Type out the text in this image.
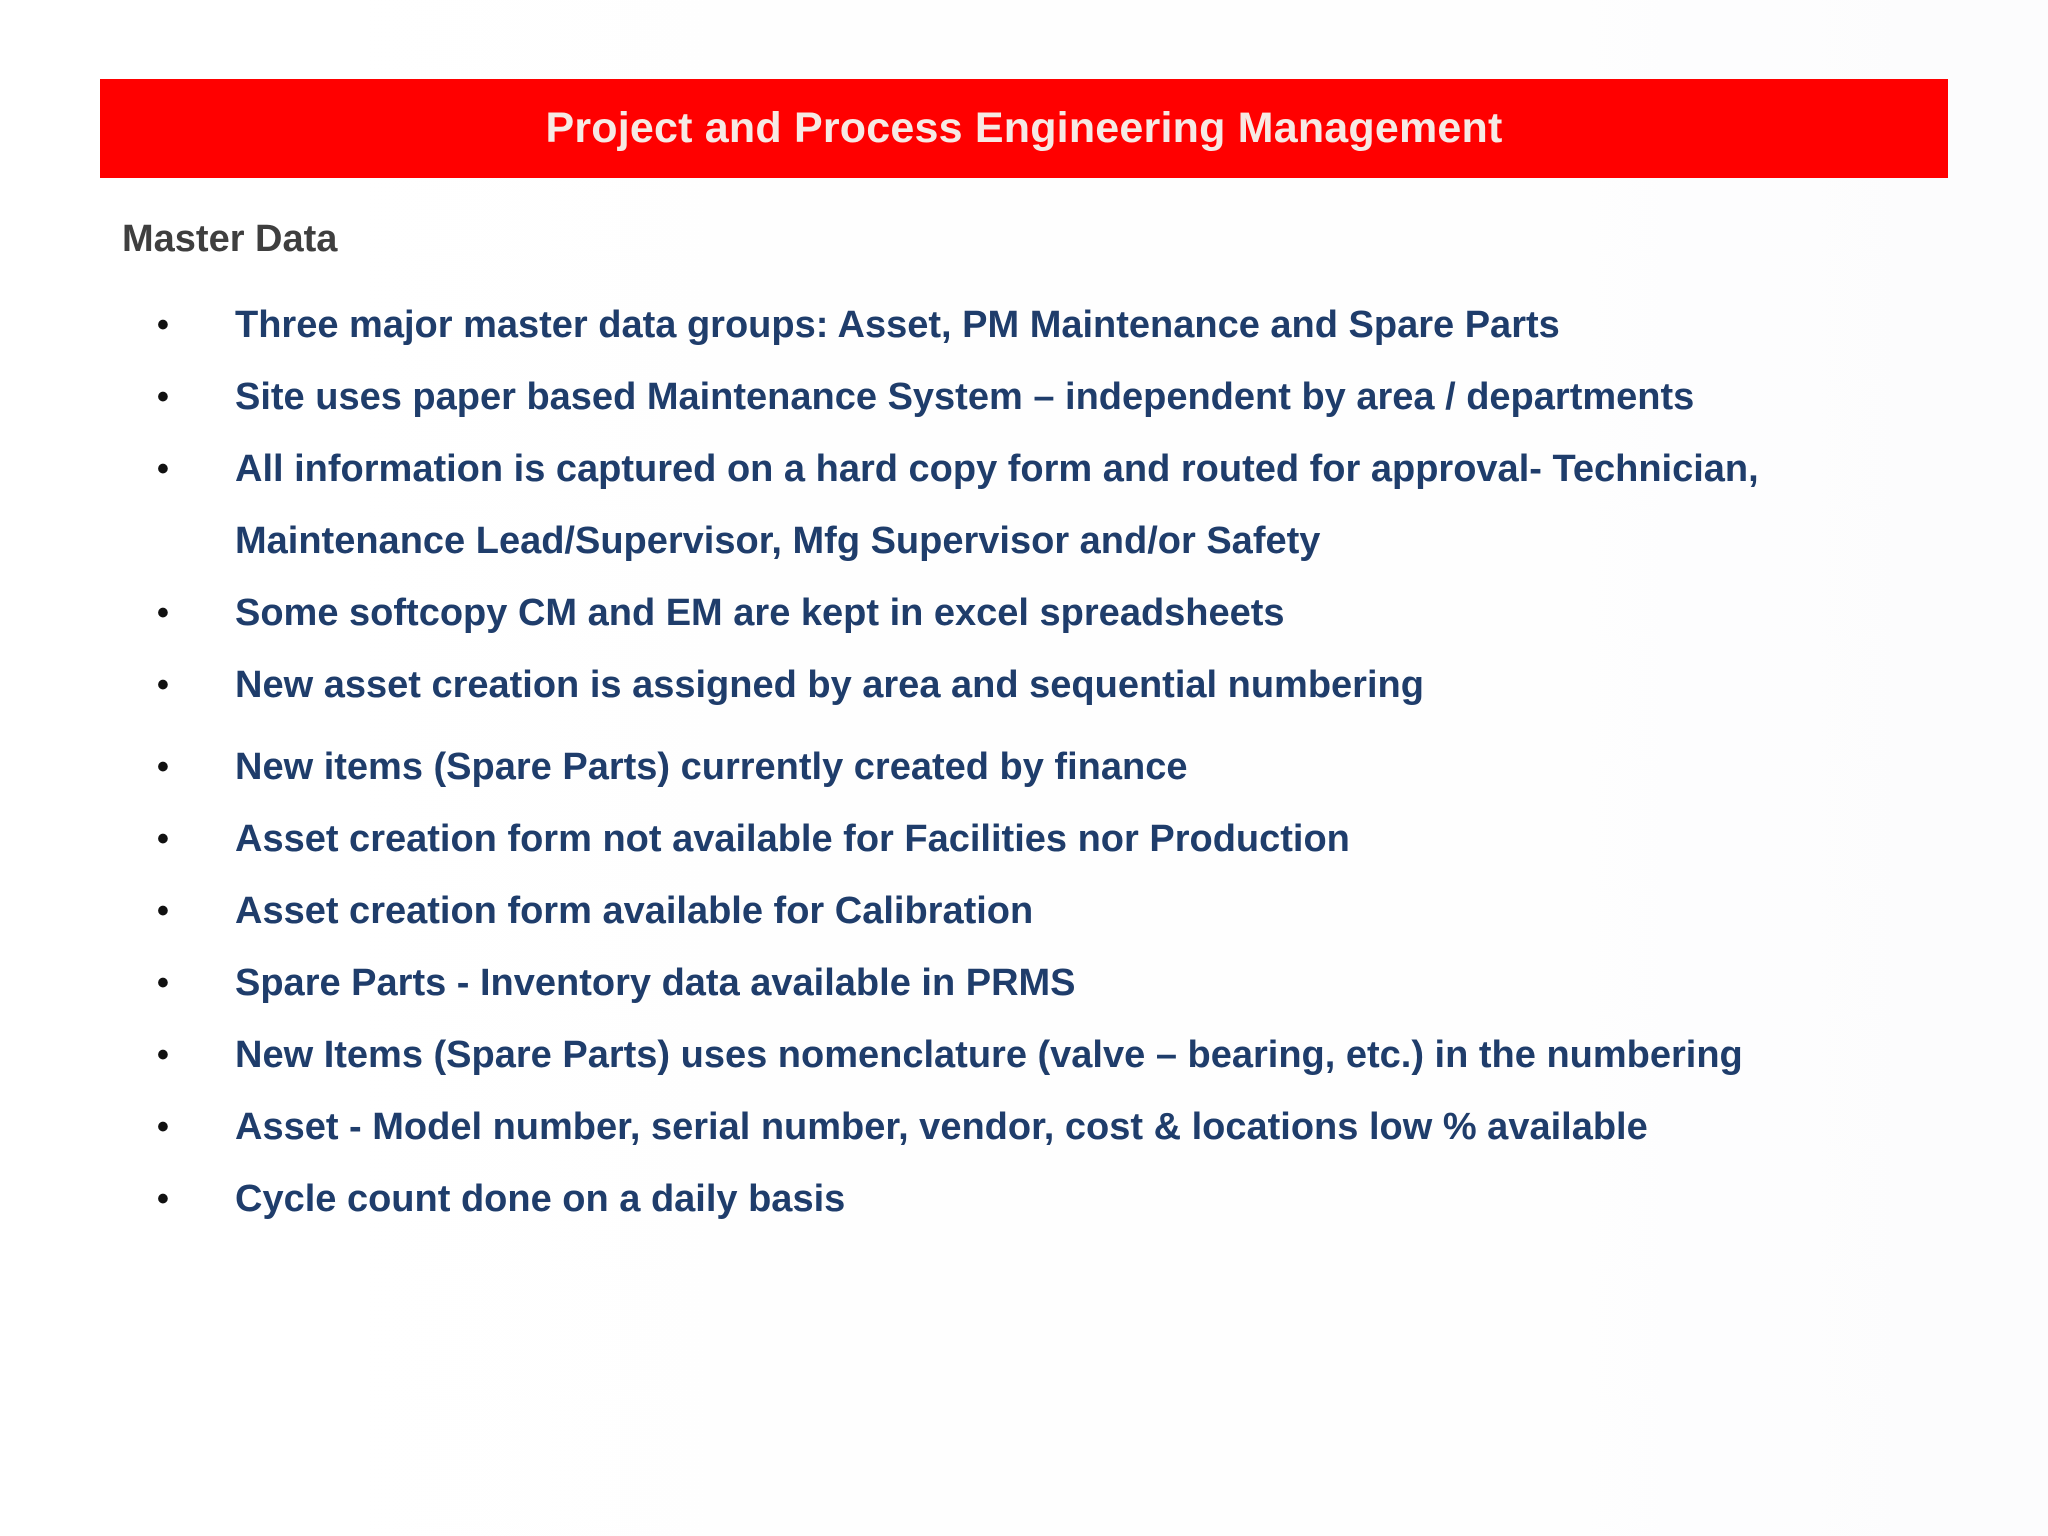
Project and Process Engineering Management
Master Data
• Three major master data groups: Asset, PM Maintenance and Spare Parts
• Site uses paper based Maintenance System – independent by area / departments
• All information is captured on a hard copy form and routed for approval- Technician, Maintenance Lead/Supervisor, Mfg Supervisor and/or Safety
• Some softcopy CM and EM are kept in excel spreadsheets
• New asset creation is assigned by area and sequential numbering
• New items (Spare Parts) currently created by finance
• Asset creation form not available for Facilities nor Production
• Asset creation form available for Calibration
• Spare Parts - Inventory data available in PRMS
• New Items (Spare Parts) uses nomenclature (valve – bearing, etc.) in the numbering
• Asset - Model number, serial number, vendor, cost & locations low % available
• Cycle count done on a daily basis
